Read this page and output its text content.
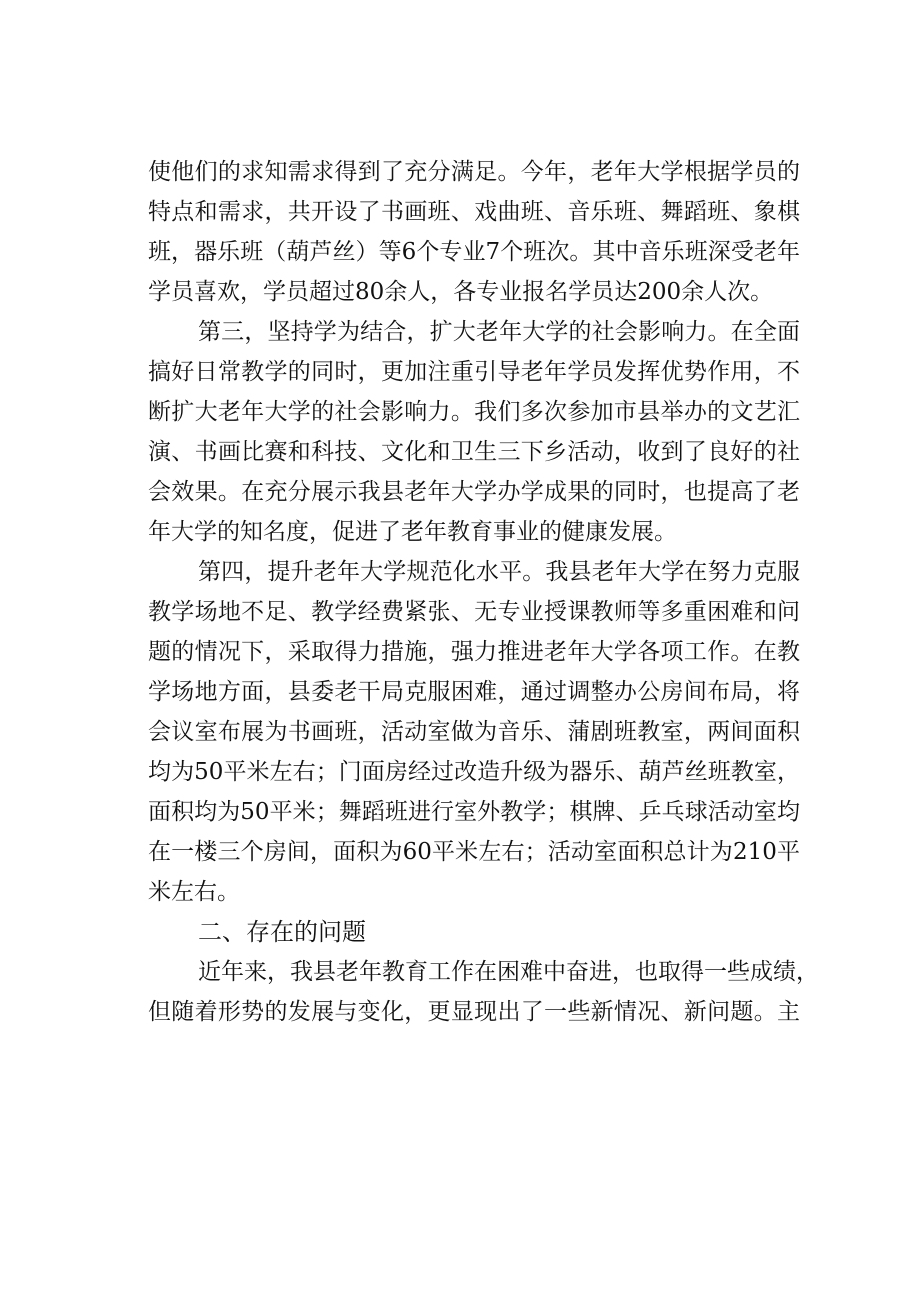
使他们的求知需求得到了充分满足。今年，老年大学根据学员的
特点和需求，共开设了书画班、戏曲班、音乐班、舞蹈班、象棋
班，器乐班（葫芦丝）等6个专业7个班次。其中音乐班深受老年
学员喜欢，学员超过80余人，各专业报名学员达200余人次。
第三，坚持学为结合，扩大老年大学的社会影响力。在全面
搞好日常教学的同时，更加注重引导老年学员发挥优势作用，不
断扩大老年大学的社会影响力。我们多次参加市县举办的文艺汇
演、书画比赛和科技、文化和卫生三下乡活动，收到了良好的社
会效果。在充分展示我县老年大学办学成果的同时，也提高了老
年大学的知名度，促进了老年教育事业的健康发展。
第四，提升老年大学规范化水平。我县老年大学在努力克服
教学场地不足、教学经费紧张、无专业授课教师等多重困难和问
题的情况下，采取得力措施，强力推进老年大学各项工作。在教
学场地方面，县委老干局克服困难，通过调整办公房间布局，将
会议室布展为书画班，活动室做为音乐、蒲剧班教室，两间面积
均为50平米左右；门面房经过改造升级为器乐、葫芦丝班教室，
面积均为50平米；舞蹈班进行室外教学；棋牌、乒乓球活动室均
在一楼三个房间，面积为60平米左右；活动室面积总计为210平
米左右。
二、存在的问题
近年来，我县老年教育工作在困难中奋进，也取得一些成绩，
但随着形势的发展与变化，更显现出了一些新情况、新问题。主
